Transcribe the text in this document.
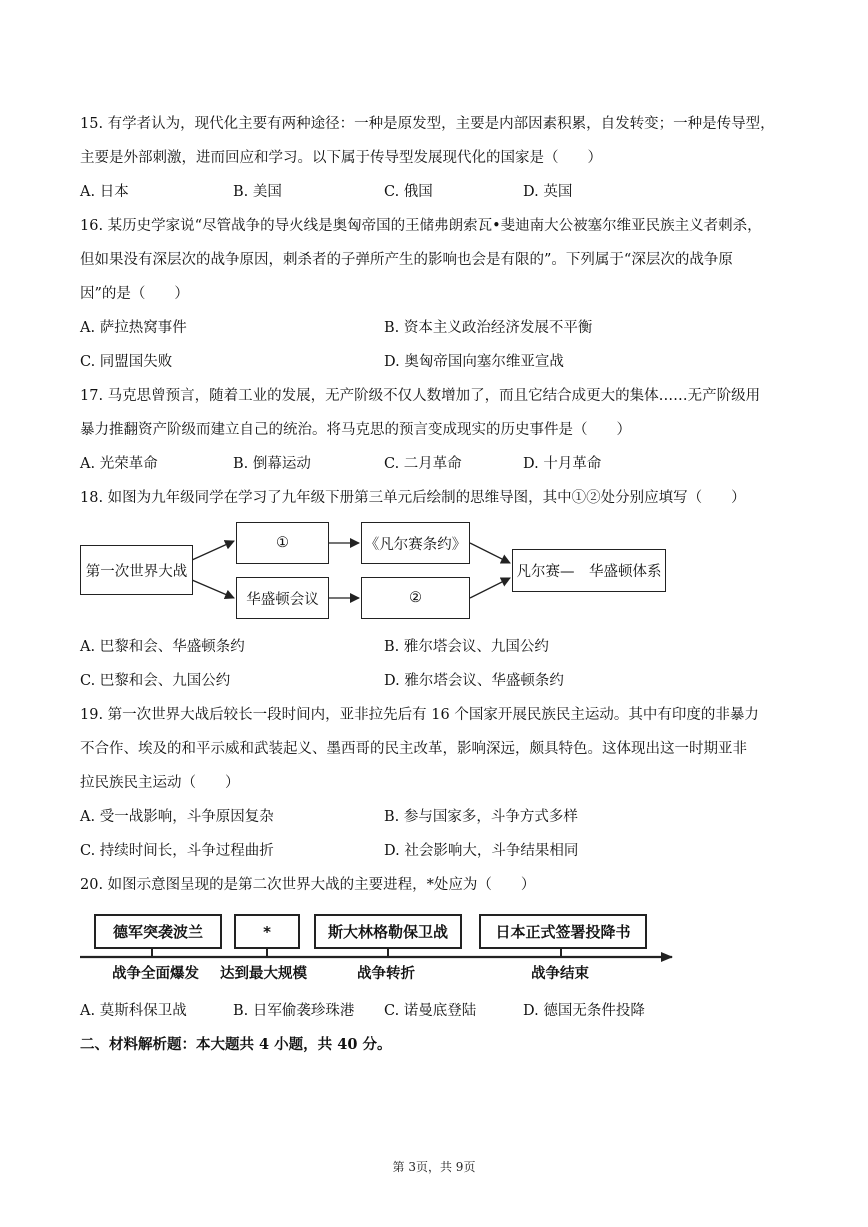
15. 有学者认为，现代化主要有两种途径：一种是原发型，主要是内部因素积累，自发转变；一种是传导型，
主要是外部刺激，进而回应和学习。以下属于传导型发展现代化的国家是（　　）
A. 日本	B. 美国	C. 俄国	D. 英国
16. 某历史学家说“尽管战争的导火线是奥匈帝国的王储弗朗索瓦•斐迪南大公被塞尔维亚民族主义者刺杀，
但如果没有深层次的战争原因，刺杀者的子弹所产生的影响也会是有限的”。下列属于“深层次的战争原
因”的是（　　）
A. 萨拉热窝事件	B. 资本主义政治经济发展不平衡
C. 同盟国失败	D. 奥匈帝国向塞尔维亚宣战
17. 马克思曾预言，随着工业的发展，无产阶级不仅人数增加了，而且它结合成更大的集体……无产阶级用
暴力推翻资产阶级而建立自己的统治。将马克思的预言变成现实的历史事件是（　　）
A. 光荣革命	B. 倒幕运动	C. 二月革命	D. 十月革命
18. 如图为九年级同学在学习了九年级下册第三单元后绘制的思维导图，其中①②处分别应填写（　　）
第一次世界大战
①	《凡尔赛条约》
华盛顿会议	②
凡尔赛—　华盛顿体系
A. 巴黎和会、华盛顿条约	B. 雅尔塔会议、九国公约
C. 巴黎和会、九国公约	D. 雅尔塔会议、华盛顿条约
19. 第一次世界大战后较长一段时间内，亚非拉先后有 16 个国家开展民族民主运动。其中有印度的非暴力
不合作、埃及的和平示威和武装起义、墨西哥的民主改革，影响深远，颇具特色。这体现出这一时期亚非
拉民族民主运动（　　）
A. 受一战影响，斗争原因复杂	B. 参与国家多，斗争方式多样
C. 持续时间长，斗争过程曲折	D. 社会影响大，斗争结果相同
20. 如图示意图呈现的是第二次世界大战的主要进程，*处应为（　　）
德军突袭波兰	*	斯大林格勒保卫战	日本正式签署投降书
战争全面爆发 达到最大规模	战争转折	战争结束
A. 莫斯科保卫战	B. 日军偷袭珍珠港 C. 诺曼底登陆	D. 德国无条件投降
二、材料解析题：本大题共 4 小题，共 40 分。
第 3页，共 9页
